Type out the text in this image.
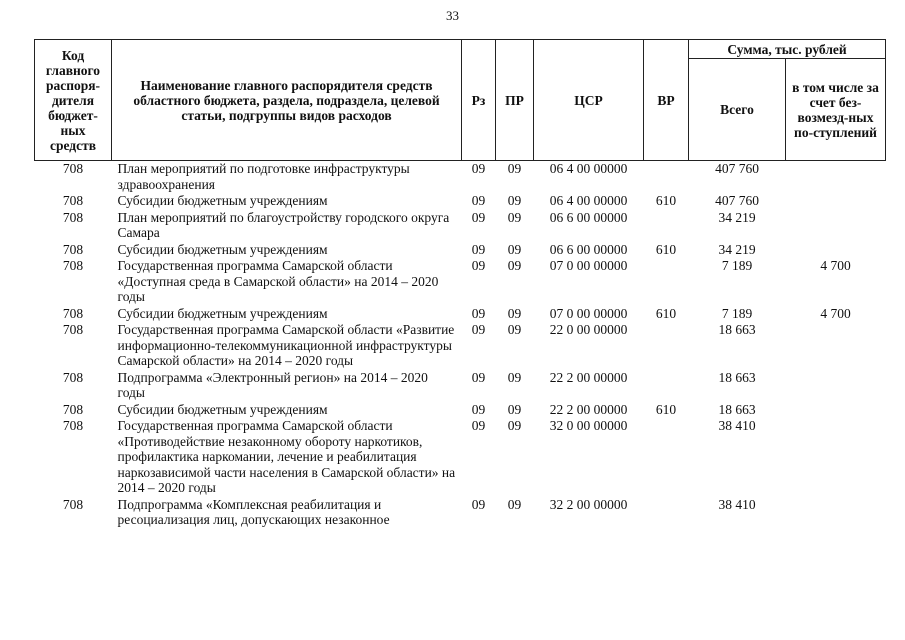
33
Код главного распоря-дителя бюджет-ных средств	Наименование главного распорядителя средств областного бюджета, раздела, подраздела, целевой статьи, подгруппы видов расходов	Рз	ПР	ЦСР	ВР	Сумма, тыс. рублей	
						Всего	в том числе за счет без-возмезд-ных по-ступлений
708	План мероприятий по подготовке инфраструктуры здравоохранения	09	09	06 4 00 00000		407 760	
708	Субсидии бюджетным учреждениям	09	09	06 4 00 00000	610	407 760	
708	План мероприятий по благоустройству городского округа Самара	09	09	06 6 00 00000		34 219	
708	Субсидии бюджетным учреждениям	09	09	06 6 00 00000	610	34 219	
708	Государственная программа Самарской области «Доступная среда в Самарской области» на 2014 – 2020 годы	09	09	07 0 00 00000		7 189	4 700
708	Субсидии бюджетным учреждениям	09	09	07 0 00 00000	610	7 189	4 700
708	Государственная программа Самарской области «Развитие информационно-телекоммуникационной инфраструктуры Самарской области» на 2014 – 2020 годы	09	09	22 0 00 00000		18 663	
708	Подпрограмма «Электронный регион» на 2014 – 2020 годы	09	09	22 2 00 00000		18 663	
708	Субсидии бюджетным учреждениям	09	09	22 2 00 00000	610	18 663	
708	Государственная программа Самарской области «Противодействие незаконному обороту наркотиков, профилактика наркомании, лечение и реабилитация наркозависимой части населения в Самарской области» на 2014 – 2020 годы	09	09	32 0 00 00000		38 410	
708	Подпрограмма «Комплексная реабилитация и ресоциализация лиц, допускающих незаконное	09	09	32 2 00 00000		38 410	
